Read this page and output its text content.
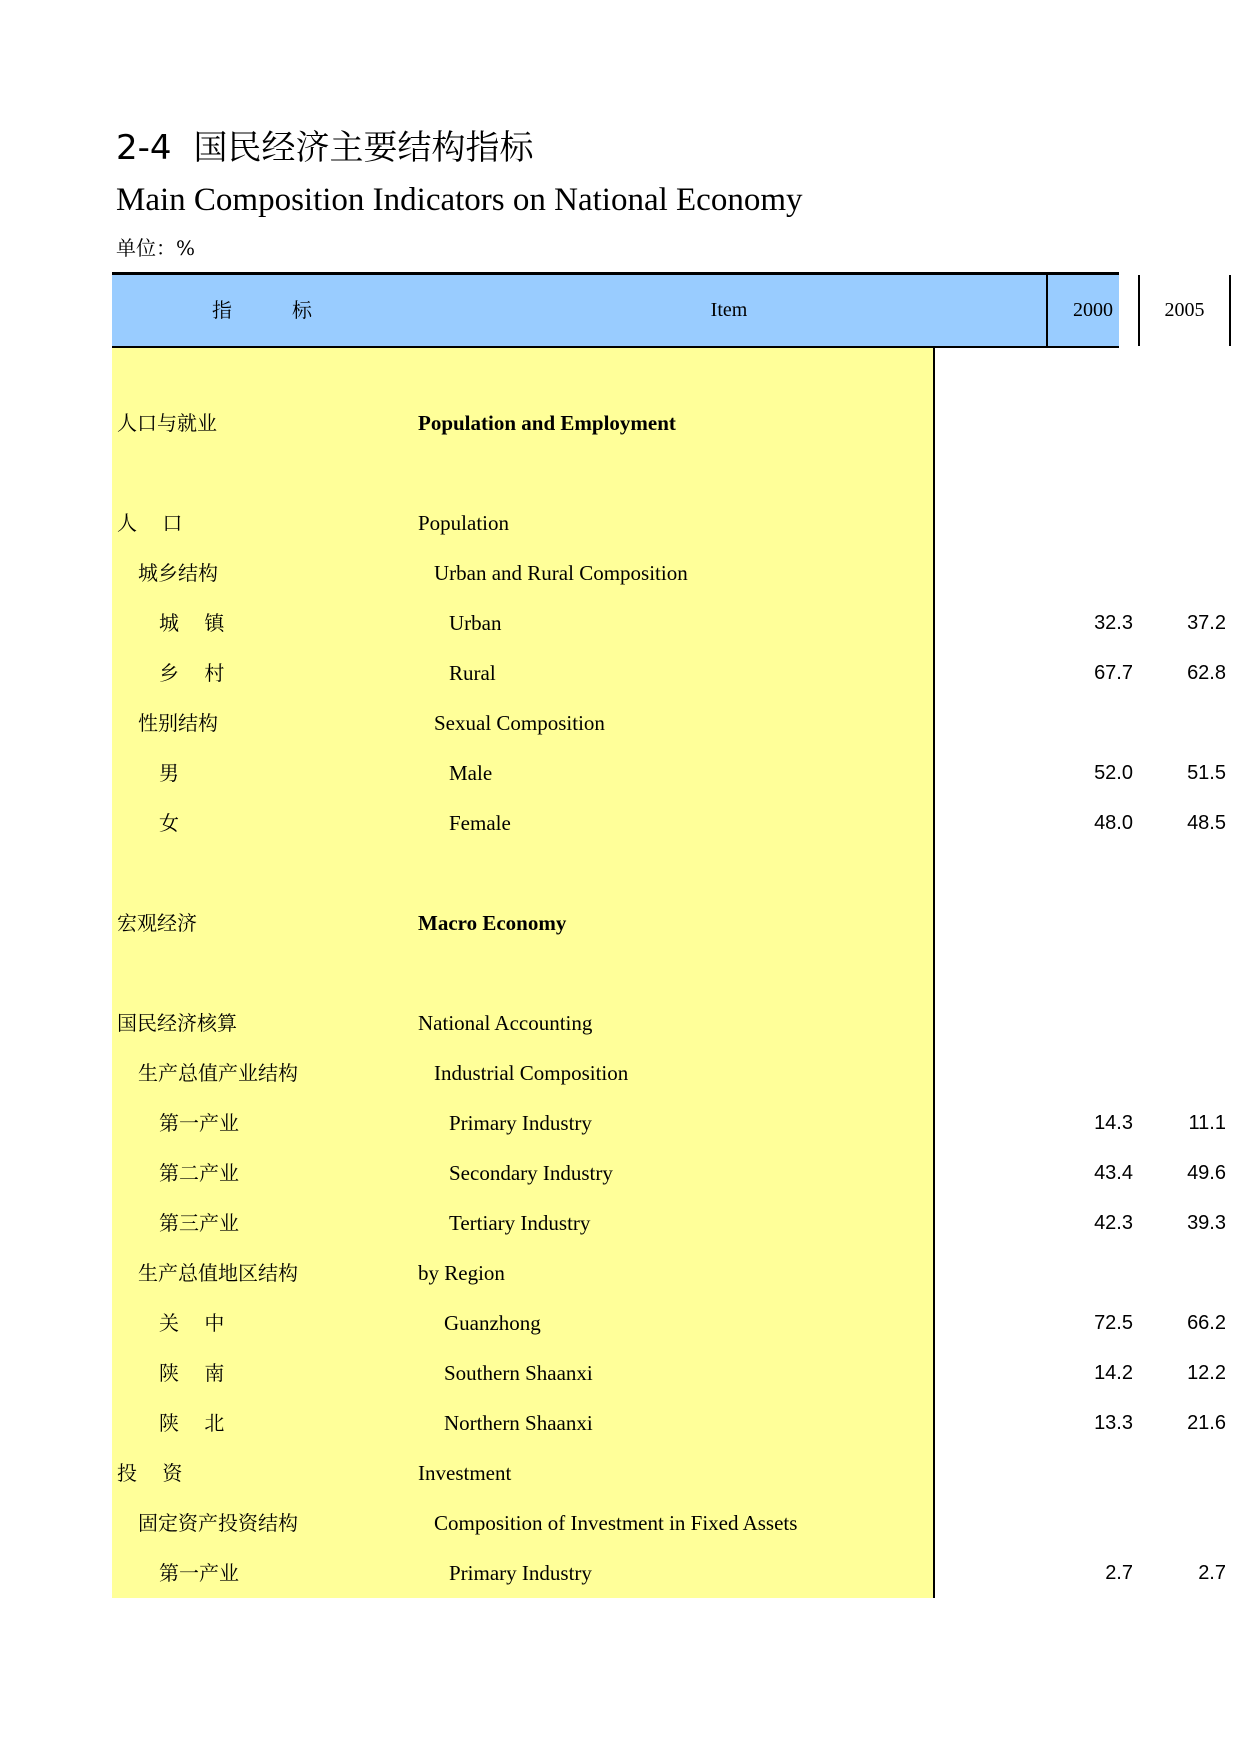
2-4 国民经济主要结构指标
Main Composition Indicators on National Economy
单位：%
指	标	Item	2000	2005
人口与就业	Population and Employment
人    口	Population
城乡结构	Urban and Rural Composition
城    镇	Urban	32.3	37.2
乡    村	Rural	67.7	62.8
性别结构	Sexual Composition
男	Male	52.0	51.5
女	Female	48.0	48.5
宏观经济	Macro Economy
国民经济核算	National Accounting
生产总值产业结构	Industrial Composition
第一产业	Primary Industry	14.3	11.1
第二产业	Secondary Industry	43.4	49.6
第三产业	Tertiary Industry	42.3	39.3
生产总值地区结构	by Region
关    中	Guanzhong	72.5	66.2
陕    南	Southern Shaanxi	14.2	12.2
陕    北	Northern Shaanxi	13.3	21.6
投    资	Investment
固定资产投资结构	Composition of Investment in Fixed Assets
第一产业	Primary Industry	2.7	2.7
